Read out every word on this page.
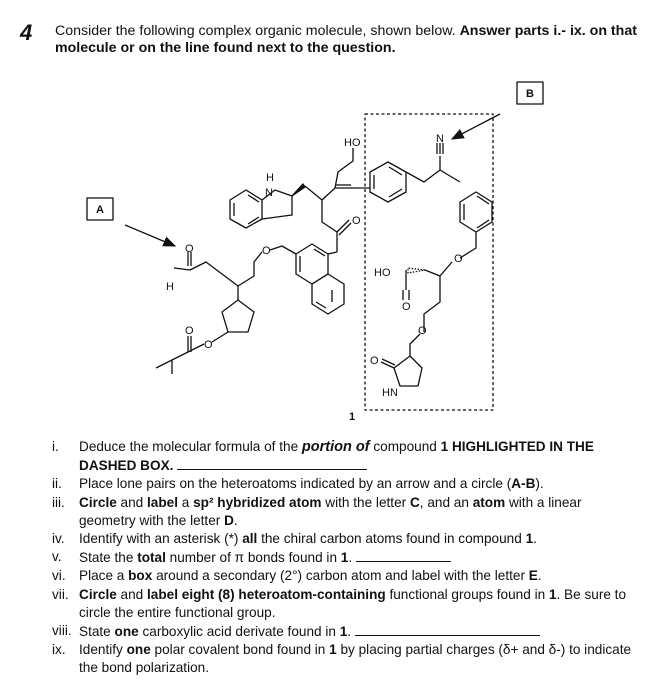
4 Consider the following complex organic molecule, shown below. Answer parts i.- ix. on that molecule or on the line found next to the question.
A
B
HO	N
H
N
O
O
H
O
HO
O
O
O
O
O
O
HN
1
i. Deduce the molecular formula of the portion of compound 1 HIGHLIGHTED IN THE DASHED BOX.
ii. Place lone pairs on the heteroatoms indicated by an arrow and a circle (A-B).
iii. Circle and label a sp² hybridized atom with the letter C, and an atom with a linear geometry with the letter D.
iv. Identify with an asterisk (*) all the chiral carbon atoms found in compound 1.
v. State the total number of π bonds found in 1.
vi. Place a box around a secondary (2°) carbon atom and label with the letter E.
vii. Circle and label eight (8) heteroatom-containing functional groups found in 1. Be sure to circle the entire functional group.
viii. State one carboxylic acid derivate found in 1.
ix. Identify one polar covalent bond found in 1 by placing partial charges (δ+ and δ-) to indicate the bond polarization.
